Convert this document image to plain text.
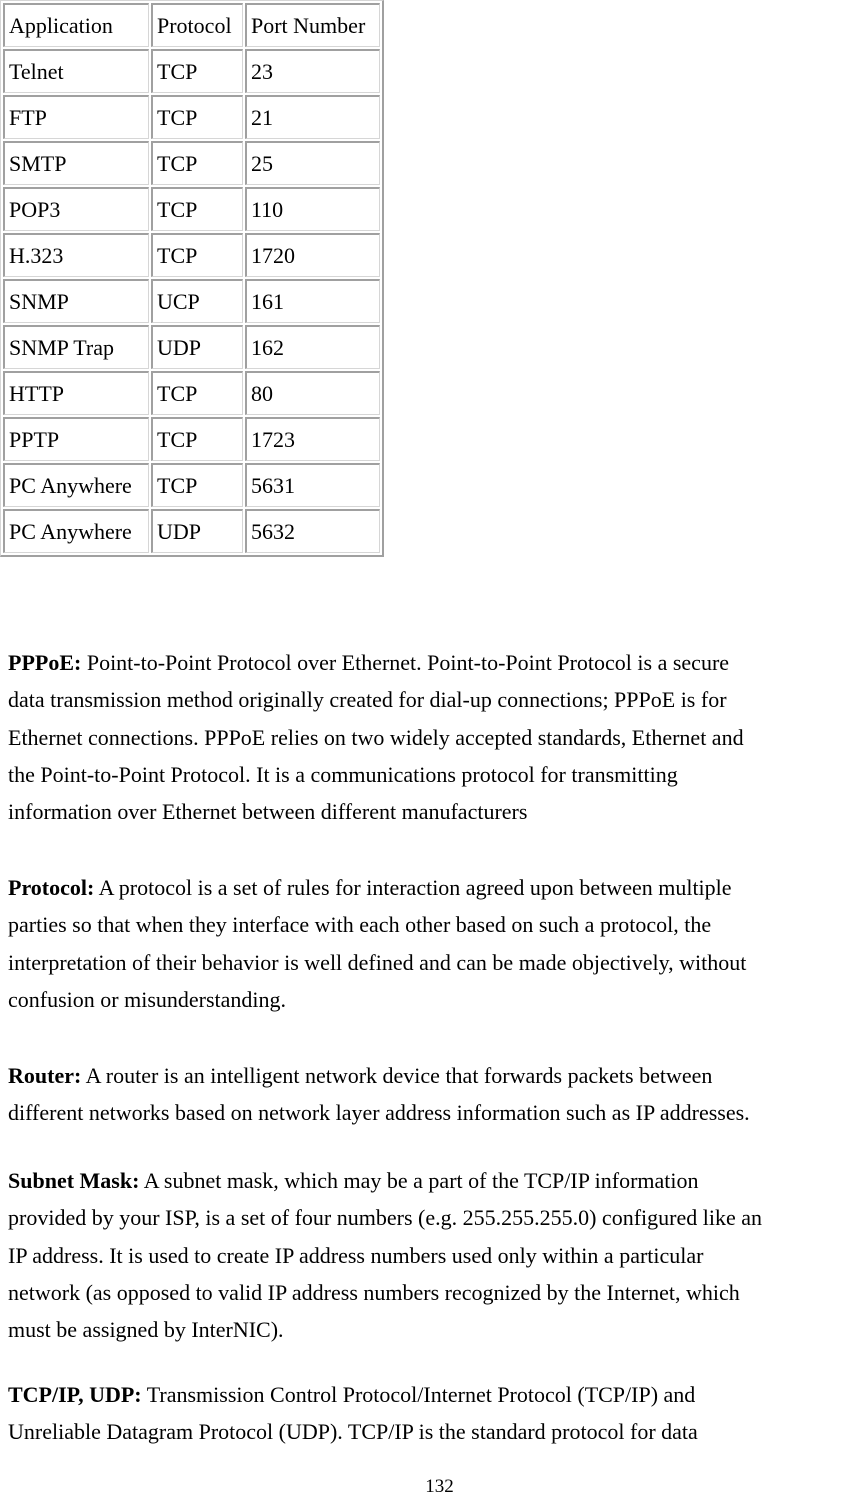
Application	Protocol	Port Number
Telnet	TCP	23
FTP	TCP	21
SMTP	TCP	25
POP3	TCP	110
H.323	TCP	1720
SNMP	UCP	161
SNMP Trap	UDP	162
HTTP	TCP	80
PPTP	TCP	1723
PC Anywhere	TCP	5631
PC Anywhere	UDP	5632

PPPoE: Point-to-Point Protocol over Ethernet. Point-to-Point Protocol is a secure
data transmission method originally created for dial-up connections; PPPoE is for
Ethernet connections. PPPoE relies on two widely accepted standards, Ethernet and
the Point-to-Point Protocol. It is a communications protocol for transmitting
information over Ethernet between different manufacturers

Protocol: A protocol is a set of rules for interaction agreed upon between multiple
parties so that when they interface with each other based on such a protocol, the
interpretation of their behavior is well defined and can be made objectively, without
confusion or misunderstanding.

Router: A router is an intelligent network device that forwards packets between
different networks based on network layer address information such as IP addresses.

Subnet Mask: A subnet mask, which may be a part of the TCP/IP information
provided by your ISP, is a set of four numbers (e.g. 255.255.255.0) configured like an
IP address. It is used to create IP address numbers used only within a particular
network (as opposed to valid IP address numbers recognized by the Internet, which
must be assigned by InterNIC).

TCP/IP, UDP: Transmission Control Protocol/Internet Protocol (TCP/IP) and
Unreliable Datagram Protocol (UDP). TCP/IP is the standard protocol for data

132
